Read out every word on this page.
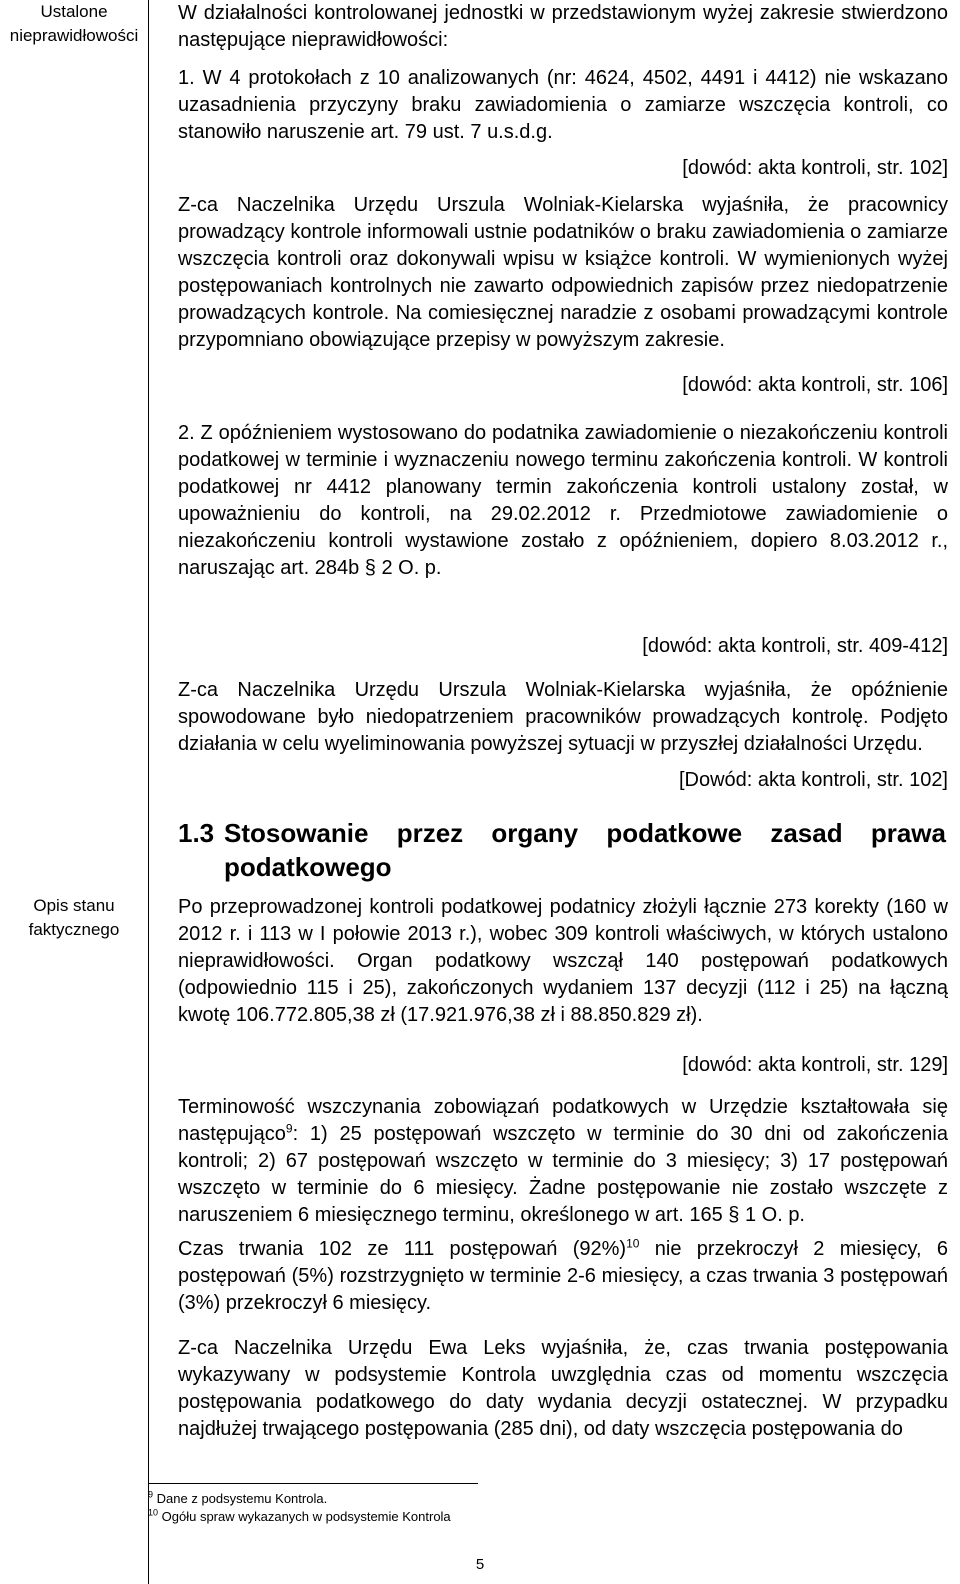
Ustalone nieprawidłowości
Opis stanu faktycznego

W działalności kontrolowanej jednostki w przedstawionym wyżej zakresie stwierdzono następujące nieprawidłowości:

1. W 4 protokołach z 10 analizowanych (nr: 4624, 4502, 4491 i 4412) nie wskazano uzasadnienia przyczyny braku zawiadomienia o zamiarze wszczęcia kontroli, co stanowiło naruszenie art. 79 ust. 7 u.s.d.g.

[dowód: akta kontroli, str. 102]

Z-ca Naczelnika Urzędu Urszula Wolniak-Kielarska wyjaśniła, że pracownicy prowadzący kontrole informowali ustnie podatników o braku zawiadomienia o zamiarze wszczęcia kontroli oraz dokonywali wpisu w książce kontroli. W wymienionych wyżej postępowaniach kontrolnych nie zawarto odpowiednich zapisów przez niedopatrzenie prowadzących kontrole. Na comiesięcznej naradzie z osobami prowadzącymi kontrole przypomniano obowiązujące przepisy w powyższym zakresie.

[dowód: akta kontroli, str. 106]

2. Z opóźnieniem wystosowano do podatnika zawiadomienie o niezakończeniu kontroli podatkowej w terminie i wyznaczeniu nowego terminu zakończenia kontroli. W kontroli podatkowej nr 4412 planowany termin zakończenia kontroli ustalony został, w upoważnieniu do kontroli, na 29.02.2012 r. Przedmiotowe zawiadomienie o niezakończeniu kontroli wystawione zostało z opóźnieniem, dopiero 8.03.2012 r., naruszając art. 284b § 2 O. p.

[dowód: akta kontroli, str. 409-412]

Z-ca Naczelnika Urzędu Urszula Wolniak-Kielarska wyjaśniła, że opóźnienie spowodowane było niedopatrzeniem pracowników prowadzących kontrolę. Podjęto działania w celu wyeliminowania powyższej sytuacji w przyszłej działalności Urzędu.

[Dowód: akta kontroli, str. 102]
1.3 Stosowanie przez organy podatkowe zasad prawa podatkowego

Po przeprowadzonej kontroli podatkowej podatnicy złożyli łącznie 273 korekty (160 w 2012 r. i 113 w I połowie 2013 r.), wobec 309 kontroli właściwych, w których ustalono nieprawidłowości. Organ podatkowy wszczął 140 postępowań podatkowych (odpowiednio 115 i 25), zakończonych wydaniem 137 decyzji (112 i 25) na łączną kwotę 106.772.805,38 zł (17.921.976,38 zł i 88.850.829 zł).

[dowód: akta kontroli, str. 129]

Terminowość wszczynania zobowiązań podatkowych w Urzędzie kształtowała się następująco$^9$: 1) 25 postępowań wszczęto w terminie do 30 dni od zakończenia kontroli; 2) 67 postępowań wszczęto w terminie do 3 miesięcy; 3) 17 postępowań wszczęto w terminie do 6 miesięcy. Żadne postępowanie nie zostało wszczęte z naruszeniem 6 miesięcznego terminu, określonego w art. 165 § 1 O. p.

Czas trwania 102 ze 111 postępowań $(92\%)^{10}$ nie przekroczył 2 miesięcy, 6 postępowań (5%) rozstrzygnięto w terminie 2-6 miesięcy, a czas trwania 3 postępowań (3%) przekroczył 6 miesięcy.

Z-ca Naczelnika Urzędu Ewa Leks wyjaśniła, że, czas trwania postępowania wykazywany w podsystemie Kontrola uwzględnia czas od momentu wszczęcia postępowania podatkowego do daty wydania decyzji ostatecznej. W przypadku najdłużej trwającego postępowania (285 dni), od daty wszczęcia postępowania do

$^9$ Dane z podsystemu Kontrola.
$^{10}$ Ogółu spraw wykazanych w podsystemie Kontrola
5
